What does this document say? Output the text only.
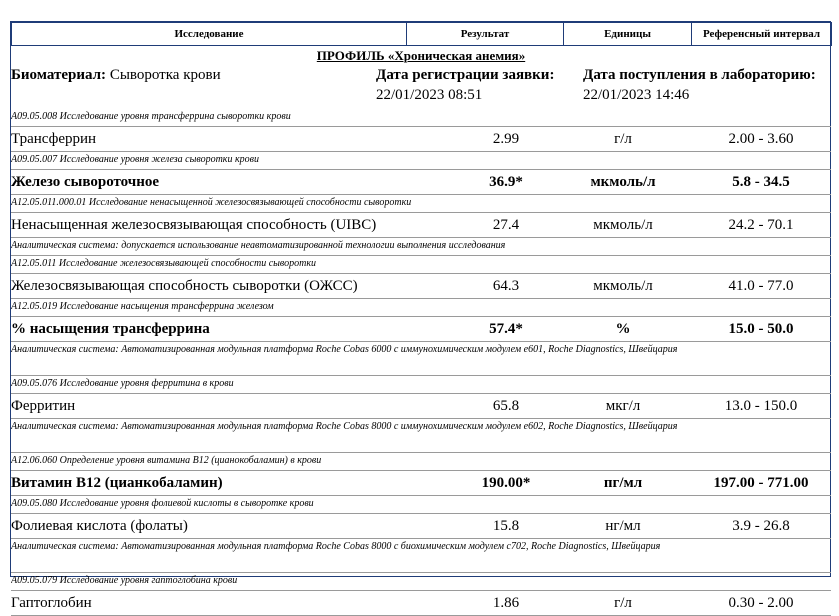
Исследование	Результат	Единицы	Референсный интервал
ПРОФИЛЬ «Хроническая анемия»
Биоматериал: Сыворотка крови	Дата регистрации заявки:
22/01/2023 08:51
Дата поступления в лабораторию:
22/01/2023 14:46
А09.05.008 Исследование уровня трансферрина сыворотки крови
Трансферрин	2.99	г/л	2.00 - 3.60
А09.05.007 Исследование уровня железа сыворотки крови
Железо сывороточное	36.9*	мкмоль/л	5.8 - 34.5
А12.05.011.000.01 Исследование ненасыщенной железосвязывающей способности сыворотки
Ненасыщенная железосвязывающая способность (UIBC)	27.4	мкмоль/л	24.2 - 70.1
Аналитическая система: допускается использование неавтоматизированной технологии выполнения исследования
А12.05.011 Исследование железосвязывающей способности сыворотки
Железосвязывающая способность сыворотки (ОЖСС)	64.3	мкмоль/л	41.0 - 77.0
А12.05.019 Исследование насыщения трансферрина железом
% насыщения трансферрина	57.4*	%	15.0 - 50.0
Аналитическая система: Автоматизированная модульная платформа Roche Cobas 6000 с иммунохимическим модулем e601, Roche Diagnostics, Швейцария
А09.05.076 Исследование уровня ферритина в крови
Ферритин	65.8	мкг/л	13.0 - 150.0
Аналитическая система: Автоматизированная модульная платформа Roche Cobas 8000 с иммунохимическим модулем e602, Roche Diagnostics, Швейцария
А12.06.060 Определение уровня витамина В12 (цианокобаламин) в крови
Витамин В12 (цианкобаламин)	190.00*	пг/мл	197.00 - 771.00
А09.05.080 Исследование уровня фолиевой кислоты в сыворотке крови
Фолиевая кислота (фолаты)	15.8	нг/мл	3.9 - 26.8
Аналитическая система: Автоматизированная модульная платформа Roche Cobas 8000 с биохимическим модулем c702, Roche Diagnostics, Швейцария
А09.05.079 Исследование уровня гаптоглобина крови
Гаптоглобин	1.86	г/л	0.30 - 2.00
